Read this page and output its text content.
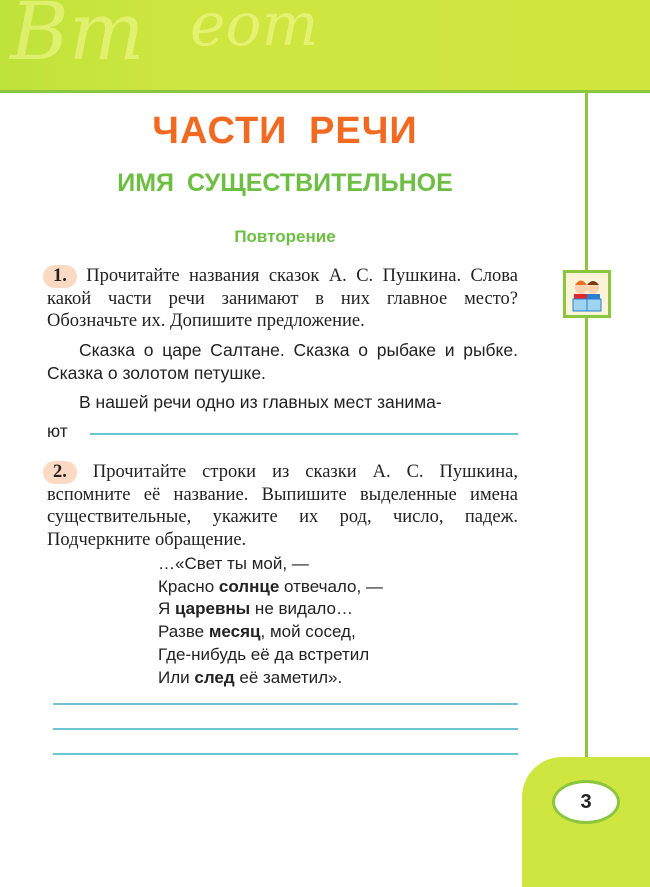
Bm eom
3
ЧАСТИ РЕЧИ
ИМЯ СУЩЕСТВИТЕЛЬНОЕ
Повторение
1. Прочитайте названия сказок А. С. Пушкина. Слова какой части речи занимают в них главное место? Обозначьте их. Допишите предложение.
Сказка о царе Салтане. Сказка о рыбаке и рыбке. Сказка о золотом петушке.
В нашей речи одно из главных мест занима-
ют
2. Прочитайте строки из сказки А. С. Пушкина, вспомните её название. Выпишите выделенные имена существительные, укажите их род, число, падеж. Подчеркните обращение.
…«Свет ты мой, —
Красно солнце отвечало, —
Я царевны не видало…
Разве месяц, мой сосед,
Где-нибудь её да встретил
Или след её заметил».
